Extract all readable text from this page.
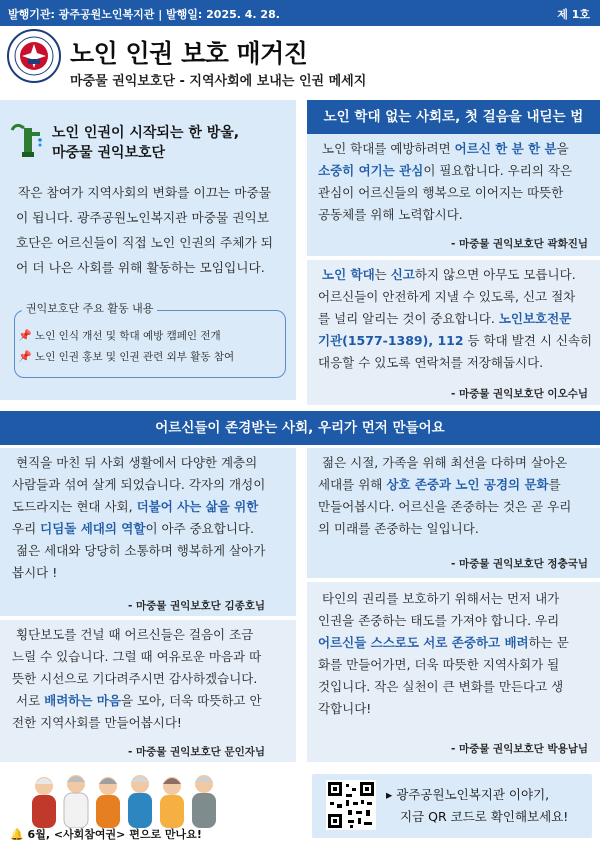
발행기관: 광주공원노인복지관 | 발행일: 2025. 4. 28.	제 1호
노인 인권 보호 매거진
마중물 권익보호단 - 지역사회에 보내는 인권 메세지
노인 인권이 시작되는 한 방울,
마중물 권익보호단
작은 참여가 지역사회의 변화를 이끄는 마중물
이 됩니다. 광주공원노인복지관 마중물 권익보
호단은 어르신들이 직접 노인 인권의 주체가 되
어 더 나은 사회를 위해 활동하는 모임입니다.
권익보호단 주요 활동 내용
📌 노인 인식 개선 및 학대 예방 캠페인 전개
📌 노인 인권 홍보 및 인권 관련 외부 활동 참여
노인 학대 없는 사회로, 첫 걸음을 내딛는 법
노인 학대를 예방하려면 어르신 한 분 한 분을
소중히 여기는 관심이 필요합니다. 우리의 작은
관심이 어르신들의 행복으로 이어지는 따뜻한
공동체를 위해 노력합시다.
- 마중물 권익보호단 곽화진님
노인 학대는 신고하지 않으면 아무도 모릅니다.
어르신들이 안전하게 지낼 수 있도록, 신고 절차
를 널리 알리는 것이 중요합니다. 노인보호전문
기관(1577-1389), 112 등 학대 발견 시 신속히
대응할 수 있도록 연락처를 저장해둡시다.
- 마중물 권익보호단 이오수님
어르신들이 존경받는 사회, 우리가 먼저 만들어요
현직을 마친 뒤 사회 생활에서 다양한 계층의
사람들과 섞여 살게 되었습니다. 각자의 개성이
도드라지는 현대 사회, 더불어 사는 삶을 위한
우리 디딤돌 세대의 역할이 아주 중요합니다.
젊은 세대와 당당히 소통하며 행복하게 살아가
봅시다 !
- 마중물 권익보호단 김종호님
횡단보도를 건널 때 어르신들은 걸음이 조금
느릴 수 있습니다. 그럴 때 여유로운 마음과 따
뜻한 시선으로 기다려주시면 감사하겠습니다.
서로 배려하는 마음을 모아, 더욱 따뜻하고 안
전한 지역사회를 만들어봅시다!
- 마중물 권익보호단 문인자님
젊은 시절, 가족을 위해 최선을 다하며 살아온
세대를 위해 상호 존중과 노인 공경의 문화를
만들어봅시다. 어르신을 존중하는 것은 곧 우리
의 미래를 존중하는 일입니다.
- 마중물 권익보호단 정충국님
타인의 권리를 보호하기 위해서는 먼저 내가
인권을 존중하는 태도를 가져야 합니다. 우리
어르신들 스스로도 서로 존중하고 배려하는 문
화를 만들어가면, 더욱 따뜻한 지역사회가 될
것입니다. 작은 실천이 큰 변화를 만든다고 생
각합니다!
- 마중물 권익보호단 박용남님
🔔 6월, <사회참여권> 편으로 만나요!
▸ 광주공원노인복지관 이야기,
지금 QR 코드로 확인해보세요!
